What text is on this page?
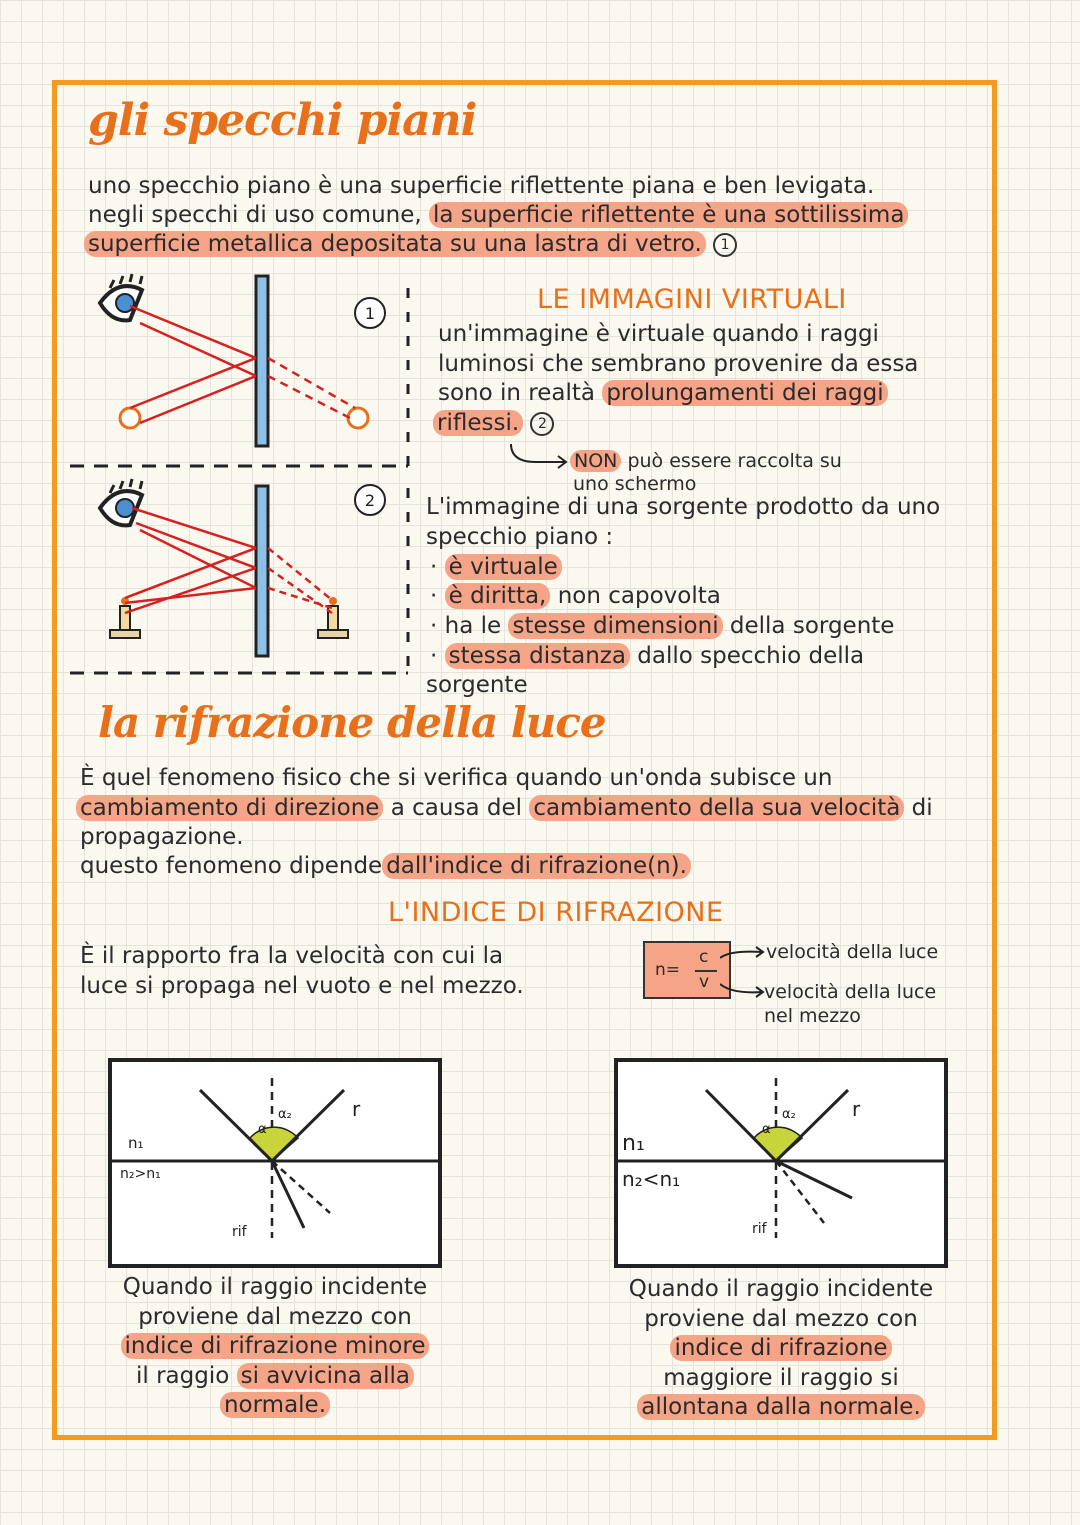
gli specchi piani
uno specchio piano è una superficie riflettente piana e ben levigata.
negli specchi di uso comune, la superficie riflettente è una sottilissima
superficie metallica depositata su una lastra di vetro. 1
1
2
LE IMMAGINI VIRTUALI
un'immagine è virtuale quando i raggi
luminosi che sembrano provenire da essa
sono in realtà prolungamenti dei raggi
riflessi. 2
NON può essere raccolta su
uno schermo
L'immagine di una sorgente prodotto da uno
specchio piano :
· è virtuale
· è diritta, non capovolta
· ha le stesse dimensioni della sorgente
· stessa distanza dallo specchio della
sorgente
la rifrazione della luce
È quel fenomeno fisico che si verifica quando un'onda subisce un
cambiamento di direzione a causa del cambiamento della sua velocità di
propagazione.
questo fenomeno dipende dall'indice di rifrazione(n).
L'INDICE DI RIFRAZIONE
È il rapporto fra la velocità con cui la
luce si propaga nel vuoto e nel mezzo.
n=
c
v
velocità della luce
velocità della luce
nel mezzo
n₁
n₂>n₁
α
α₂	r
rif
Quando il raggio incidente
proviene dal mezzo con
indice di rifrazione minore
il raggio si avvicina alla
normale.
n₁
n₂<n₁
α
α₂	r
rif
Quando il raggio incidente
proviene dal mezzo con
indice di rifrazione
maggiore il raggio si
allontana dalla normale.
